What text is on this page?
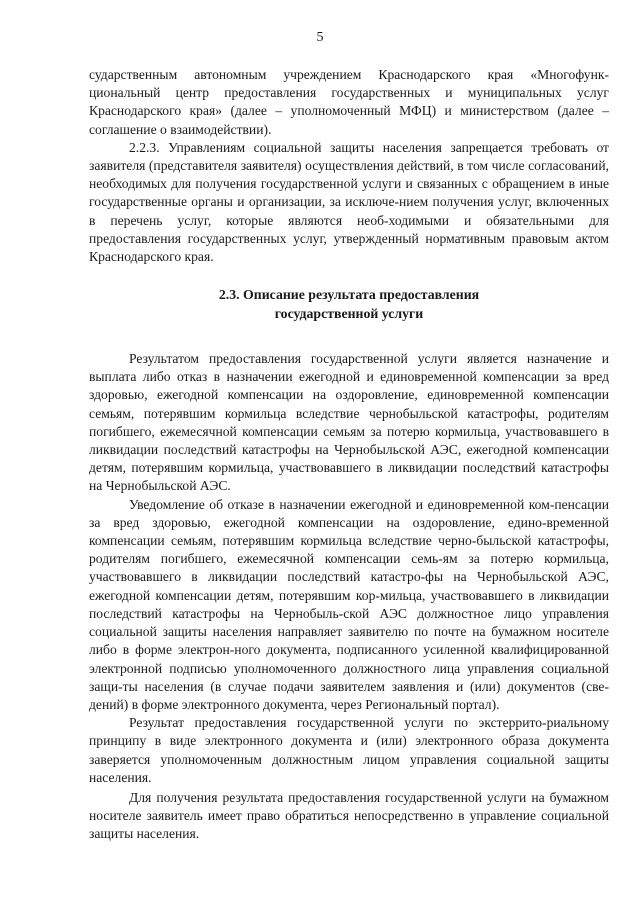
5

сударственным автономным учреждением Краснодарского края «Многофунк-циональный центр предоставления государственных и муниципальных услуг Краснодарского края» (далее – уполномоченный МФЦ) и министерством (далее – соглашение о взаимодействии).

2.2.3. Управлениям социальной защиты населения запрещается требовать от заявителя (представителя заявителя) осуществления действий, в том числе согласований, необходимых для получения государственной услуги и связанных с обращением в иные государственные органы и организации, за исключе-нием получения услуг, включенных в перечень услуг, которые являются необ-ходимыми и обязательными для предоставления государственных услуг, утвержденный нормативным правовым актом Краснодарского края.

2.3. Описание результата предоставления
государственной услуги

Результатом предоставления государственной услуги является назначение и выплата либо отказ в назначении ежегодной и единовременной компенсации за вред здоровью, ежегодной компенсации на оздоровление, единовременной компенсации семьям, потерявшим кормильца вследствие чернобыльской катастрофы, родителям погибшего, ежемесячной компенсации семьям за потерю кормильца, участвовавшего в ликвидации последствий катастрофы на Чернобыльской АЭС, ежегодной компенсации детям, потерявшим кормильца, участвовавшего в ликвидации последствий катастрофы на Чернобыльской АЭС.

Уведомление об отказе в назначении ежегодной и единовременной ком-пенсации за вред здоровью, ежегодной компенсации на оздоровление, едино-временной компенсации семьям, потерявшим кормильца вследствие черно-быльской катастрофы, родителям погибшего, ежемесячной компенсации семь-ям за потерю кормильца, участвовавшего в ликвидации последствий катастро-фы на Чернобыльской АЭС, ежегодной компенсации детям, потерявшим кор-мильца, участвовавшего в ликвидации последствий катастрофы на Чернобыль-ской АЭС должностное лицо управления социальной защиты населения направляет заявителю по почте на бумажном носителе либо в форме электрон-ного документа, подписанного усиленной квалифицированной электронной подписью уполномоченного должностного лица управления социальной защи-ты населения (в случае подачи заявителем заявления и (или) документов (све-дений) в форме электронного документа, через Региональный портал).

Результат предоставления государственной услуги по экстеррито-риальному принципу в виде электронного документа и (или) электронного образа документа заверяется уполномоченным должностным лицом управления социальной защиты населения.

Для получения результата предоставления государственной услуги на бумажном носителе заявитель имеет право обратиться непосредственно в управление социальной защиты населения.
